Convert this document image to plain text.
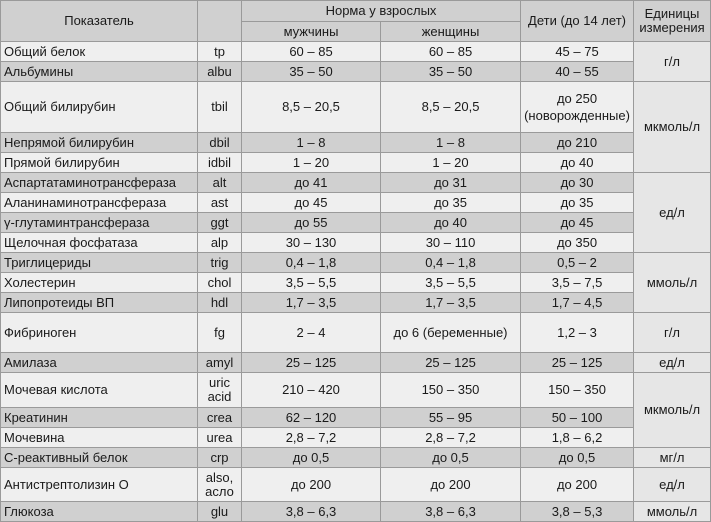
Показатель		Норма у взрослых		Дети (до 14 лет)	Единицы измерения
		мужчины	женщины		
Общий белок	tp	60 – 85	60 – 85	45 – 75	г/л
Альбумины	albu	35 – 50	35 – 50	40 – 55	
Общий билирубин	tbil	8,5 – 20,5	8,5 – 20,5	до 250 (новорожденные)	мкмоль/л
Непрямой билирубин	dbil	1 – 8	1 – 8	до 210	
Прямой билирубин	idbil	1 – 20	1 – 20	до 40	
Аспартатаминотрансфераза	alt	до 41	до 31	до 30	ед/л
Аланинаминотрансфераза	ast	до 45	до 35	до 35	
γ-глутаминтрансфераза	ggt	до 55	до 40	до 45	
Щелочная фосфатаза	alp	30 – 130	30 – 110	до 350	
Триглицериды	trig	0,4 – 1,8	0,4 – 1,8	0,5 – 2	ммоль/л
Холестерин	chol	3,5 – 5,5	3,5 – 5,5	3,5 – 7,5	
Липопротеиды ВП	hdl	1,7 – 3,5	1,7 – 3,5	1,7 – 4,5	
Фибриноген	fg	2 – 4	до 6 (беременные)	1,2 – 3	г/л
Амилаза	amyl	25 – 125	25 – 125	25 – 125	ед/л
Мочевая кислота	uric acid	210 – 420	150 – 350	150 – 350	мкмоль/л
Креатинин	crea	62 – 120	55 – 95	50 – 100	
Мочевина	urea	2,8 – 7,2	2,8 – 7,2	1,8 – 6,2	
С-реактивный белок	crp	до 0,5	до 0,5	до 0,5	мг/л
Антистрептолизин О	also, асло	до 200	до 200	до 200	ед/л
Глюкоза	glu	3,8 – 6,3	3,8 – 6,3	3,8 – 5,3	ммоль/л
